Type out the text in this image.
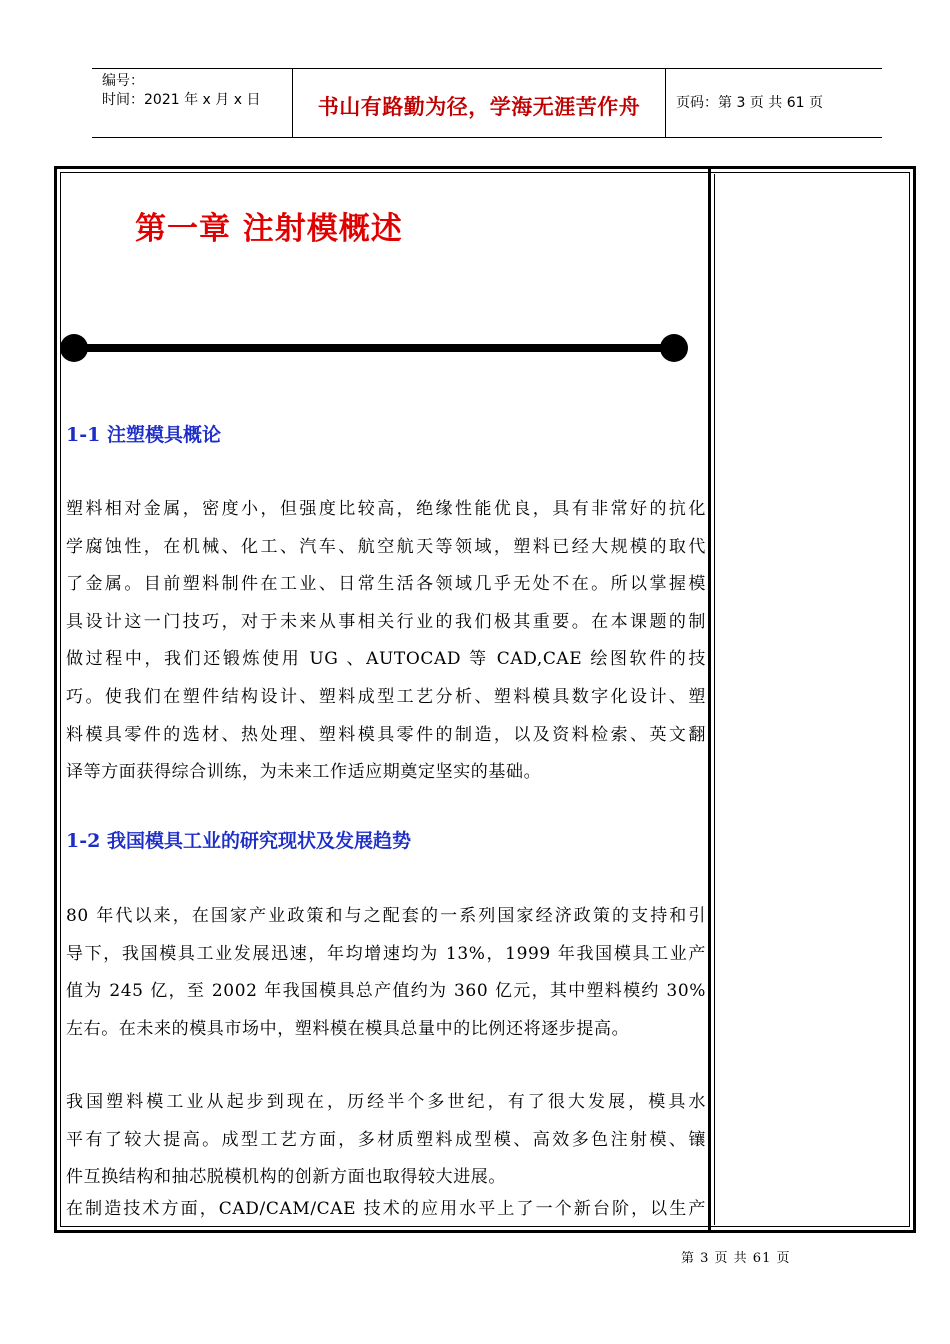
编号：
时间：2021 年 x 月 x 日	书山有路勤为径，学海无涯苦作舟	页码：第 3 页 共 61 页
第一章 注射模概述
1-1 注塑模具概论
塑料相对金属，密度小，但强度比较高，绝缘性能优良，具有非常好的抗化
学腐蚀性，在机械、化工、汽车、航空航天等领域，塑料已经大规模的取代
了金属。目前塑料制件在工业、日常生活各领域几乎无处不在。所以掌握模
具设计这一门技巧，对于未来从事相关行业的我们极其重要。在本课题的制
做过程中，我们还锻炼使用 UG 、AUTOCAD 等 CAD,CAE 绘图软件的技
巧。使我们在塑件结构设计、塑料成型工艺分析、塑料模具数字化设计、塑
料模具零件的选材、热处理、塑料模具零件的制造，以及资料检索、英文翻
译等方面获得综合训练，为未来工作适应期奠定坚实的基础。
1-2 我国模具工业的研究现状及发展趋势
80 年代以来，在国家产业政策和与之配套的一系列国家经济政策的支持和引
导下，我国模具工业发展迅速，年均增速均为 13%，1999 年我国模具工业产
值为 245 亿，至 2002 年我国模具总产值约为 360 亿元，其中塑料模约 30%
左右。在未来的模具市场中，塑料模在模具总量中的比例还将逐步提高。
我国塑料模工业从起步到现在，历经半个多世纪，有了很大发展，模具水
平有了较大提高。成型工艺方面，多材质塑料成型模、高效多色注射模、镶
件互换结构和抽芯脱模机构的创新方面也取得较大进展。
在制造技术方面，CAD/CAM/CAE 技术的应用水平上了一个新台阶，以生产
第 3 页 共 61 页
